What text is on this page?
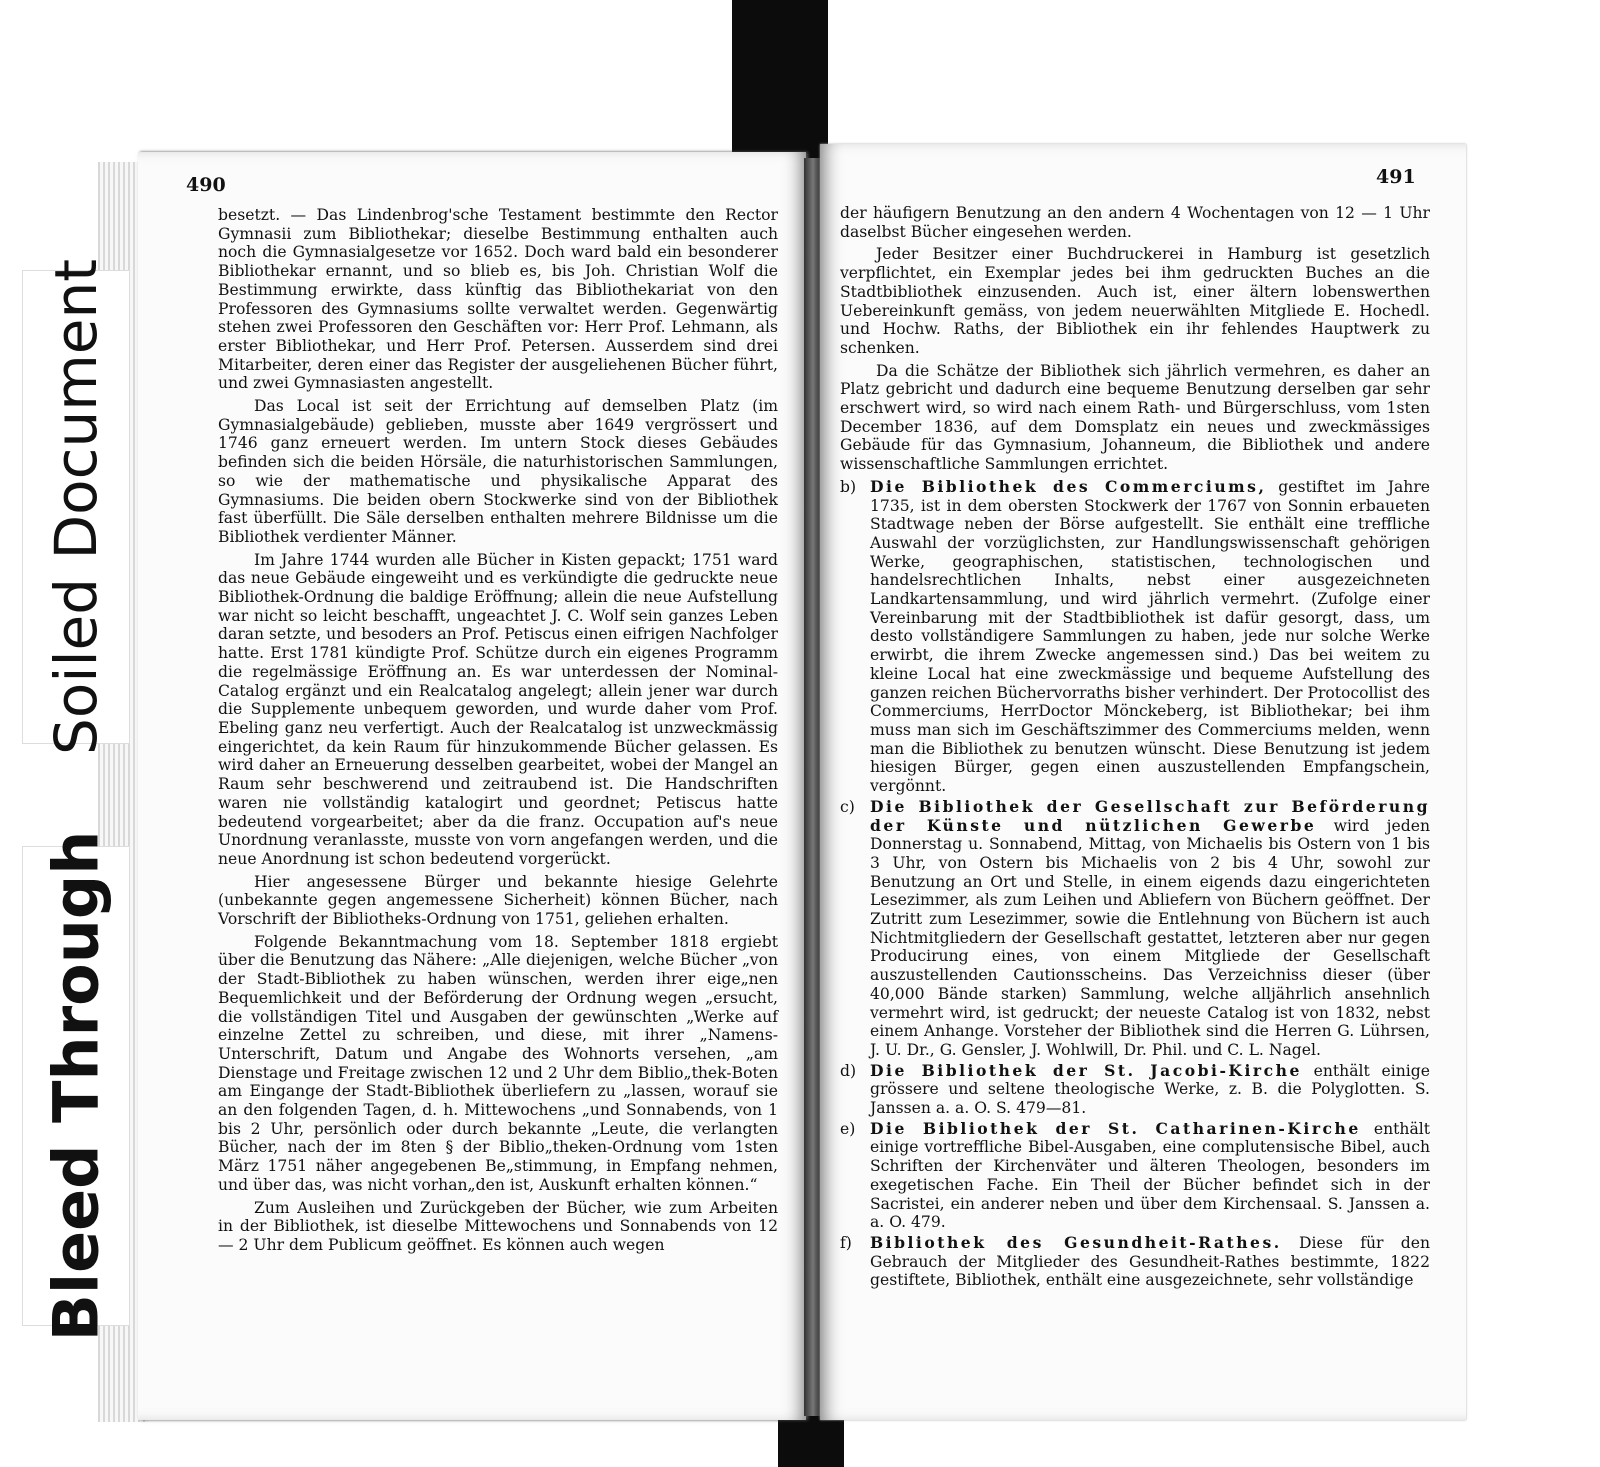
490

besetzt. — Das Lindenbrog'sche Testament bestimmte den Rector Gymnasii zum Bibliothekar; dieselbe Bestimmung enthalten auch noch die Gymnasialgesetze vor 1652. Doch ward bald ein besonderer Bibliothekar ernannt, und so blieb es, bis Joh. Christian Wolf die Bestimmung erwirkte, dass künftig das Bibliothekariat von den Professoren des Gymnasiums sollte verwaltet werden. Gegenwärtig stehen zwei Professoren den Geschäften vor: Herr Prof. Lehmann, als erster Bibliothekar, und Herr Prof. Petersen. Ausserdem sind drei Mitarbeiter, deren einer das Register der ausgeliehenen Bücher führt, und zwei Gymnasiasten angestellt.

Das Local ist seit der Errichtung auf demselben Platz (im Gymnasialgebäude) geblieben, musste aber 1649 vergrössert und 1746 ganz erneuert werden. Im untern Stock dieses Gebäudes befinden sich die beiden Hörsäle, die naturhistorischen Sammlungen, so wie der mathematische und physikalische Apparat des Gymnasiums. Die beiden obern Stockwerke sind von der Bibliothek fast überfüllt. Die Säle derselben enthalten mehrere Bildnisse um die Bibliothek verdienter Männer.

Im Jahre 1744 wurden alle Bücher in Kisten gepackt; 1751 ward das neue Gebäude eingeweiht und es verkündigte die gedruckte neue Bibliothek-Ordnung die baldige Eröffnung; allein die neue Aufstellung war nicht so leicht beschafft, ungeachtet J. C. Wolf sein ganzes Leben daran setzte, und besoders an Prof. Petiscus einen eifrigen Nachfolger hatte. Erst 1781 kündigte Prof. Schütze durch ein eigenes Programm die regelmässige Eröffnung an. Es war unterdessen der Nominal-Catalog ergänzt und ein Realcatalog angelegt; allein jener war durch die Supplemente unbequem geworden, und wurde daher vom Prof. Ebeling ganz neu verfertigt. Auch der Realcatalog ist unzweckmässig eingerichtet, da kein Raum für hinzukommende Bücher gelassen. Es wird daher an Erneuerung desselben gearbeitet, wobei der Mangel an Raum sehr beschwerend und zeitraubend ist. Die Handschriften waren nie vollständig katalogirt und geordnet; Petiscus hatte bedeutend vorgearbeitet; aber da die franz. Occupation auf's neue Unordnung veranlasste, musste von vorn angefangen werden, und die neue Anordnung ist schon bedeutend vorgerückt.

Hier angesessene Bürger und bekannte hiesige Gelehrte (unbekannte gegen angemessene Sicherheit) können Bücher, nach Vorschrift der Bibliotheks-Ordnung von 1751, geliehen erhalten.

Folgende Bekanntmachung vom 18. September 1818 ergiebt über die Benutzung das Nähere: „Alle diejenigen, welche Bücher „von der Stadt-Bibliothek zu haben wünschen, werden ihrer eige„nen Bequemlichkeit und der Beförderung der Ordnung wegen „ersucht, die vollständigen Titel und Ausgaben der gewünschten „Werke auf einzelne Zettel zu schreiben, und diese, mit ihrer „Namens-Unterschrift, Datum und Angabe des Wohnorts versehen, „am Dienstage und Freitage zwischen 12 und 2 Uhr dem Biblio„thek-Boten am Eingange der Stadt-Bibliothek überliefern zu „lassen, worauf sie an den folgenden Tagen, d. h. Mittewochens „und Sonnabends, von 1 bis 2 Uhr, persönlich oder durch bekannte „Leute, die verlangten Bücher, nach der im 8ten § der Biblio„theken-Ordnung vom 1sten März 1751 näher angegebenen Be„stimmung, in Empfang nehmen, und über das, was nicht vorhan„den ist, Auskunft erhalten können.“

Zum Ausleihen und Zurückgeben der Bücher, wie zum Arbeiten in der Bibliothek, ist dieselbe Mittewochens und Sonnabends von 12 — 2 Uhr dem Publicum geöffnet. Es können auch wegen

491

der häufigern Benutzung an den andern 4 Wochentagen von 12 — 1 Uhr daselbst Bücher eingesehen werden.

Jeder Besitzer einer Buchdruckerei in Hamburg ist gesetzlich verpflichtet, ein Exemplar jedes bei ihm gedruckten Buches an die Stadtbibliothek einzusenden. Auch ist, einer ältern lobenswerthen Uebereinkunft gemäss, von jedem neuerwählten Mitgliede E. Hochedl. und Hochw. Raths, der Bibliothek ein ihr fehlendes Hauptwerk zu schenken.

Da die Schätze der Bibliothek sich jährlich vermehren, es daher an Platz gebricht und dadurch eine bequeme Benutzung derselben gar sehr erschwert wird, so wird nach einem Rath- und Bürgerschluss, vom 1sten December 1836, auf dem Domsplatz ein neues und zweckmässiges Gebäude für das Gymnasium, Johanneum, die Bibliothek und andere wissenschaftliche Sammlungen errichtet.

b) Die Bibliothek des Commerciums, gestiftet im Jahre 1735, ist in dem obersten Stockwerk der 1767 von Sonnin erbaueten Stadtwage neben der Börse aufgestellt. Sie enthält eine treffliche Auswahl der vorzüglichsten, zur Handlungswissenschaft gehörigen Werke, geographischen, statistischen, technologischen und handelsrechtlichen Inhalts, nebst einer ausgezeichneten Landkartensammlung, und wird jährlich vermehrt. (Zufolge einer Vereinbarung mit der Stadtbibliothek ist dafür gesorgt, dass, um desto vollständigere Sammlungen zu haben, jede nur solche Werke erwirbt, die ihrem Zwecke angemessen sind.) Das bei weitem zu kleine Local hat eine zweckmässige und bequeme Aufstellung des ganzen reichen Büchervorraths bisher verhindert. Der Protocollist des Commerciums, HerrDoctor Mönckeberg, ist Bibliothekar; bei ihm muss man sich im Geschäftszimmer des Commerciums melden, wenn man die Bibliothek zu benutzen wünscht. Diese Benutzung ist jedem hiesigen Bürger, gegen einen auszustellenden Empfangschein, vergönnt.
c) Die Bibliothek der Gesellschaft zur Beförderung der Künste und nützlichen Gewerbe wird jeden Donnerstag u. Sonnabend, Mittag, von Michaelis bis Ostern von 1 bis 3 Uhr, von Ostern bis Michaelis von 2 bis 4 Uhr, sowohl zur Benutzung an Ort und Stelle, in einem eigends dazu eingerichteten Lesezimmer, als zum Leihen und Abliefern von Büchern geöffnet. Der Zutritt zum Lesezimmer, sowie die Entlehnung von Büchern ist auch Nichtmitgliedern der Gesellschaft gestattet, letzteren aber nur gegen Producirung eines, von einem Mitgliede der Gesellschaft auszustellenden Cautionsscheins. Das Verzeichniss dieser (über 40,000 Bände starken) Sammlung, welche alljährlich ansehnlich vermehrt wird, ist gedruckt; der neueste Catalog ist von 1832, nebst einem Anhange. Vorsteher der Bibliothek sind die Herren G. Lührsen, J. U. Dr., G. Gensler, J. Wohlwill, Dr. Phil. und C. L. Nagel.
d) Die Bibliothek der St. Jacobi-Kirche enthält einige grössere und seltene theologische Werke, z. B. die Polyglotten. S. Janssen a. a. O. S. 479—81.
e) Die Bibliothek der St. Catharinen-Kirche enthält einige vortreffliche Bibel-Ausgaben, eine complutensische Bibel, auch Schriften der Kirchenväter und älteren Theologen, besonders im exegetischen Fache. Ein Theil der Bücher befindet sich in der Sacristei, ein anderer neben und über dem Kirchensaal. S. Janssen a. a. O. 479.
f)	Bibliothek des Gesundheit-Rathes. Diese für den Gebrauch der Mitglieder des Gesundheit-Rathes bestimmte, 1822 gestiftete, Bibliothek, enthält eine ausgezeichnete, sehr vollständige
Soiled Document
Bleed Through
